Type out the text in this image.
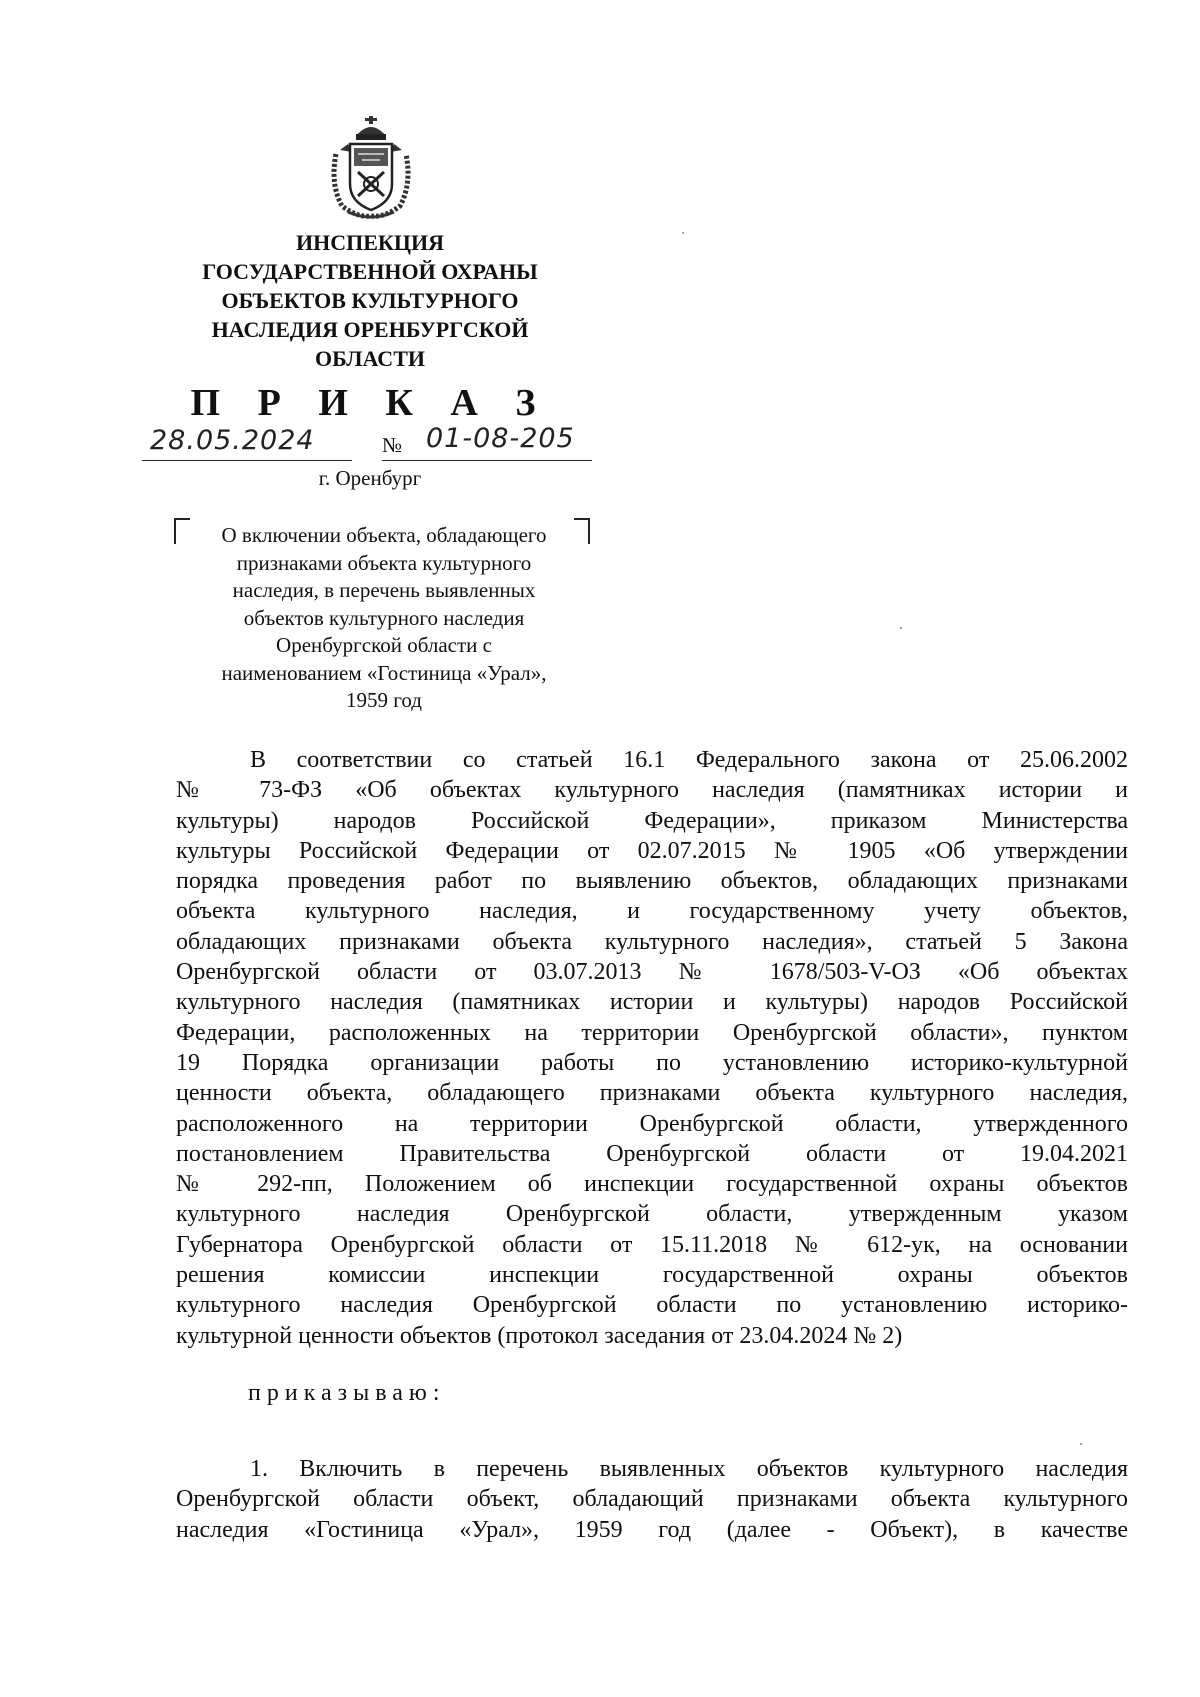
ИНСПЕКЦИЯ
ГОСУДАРСТВЕННОЙ ОХРАНЫ
ОБЪЕКТОВ КУЛЬТУРНОГО
НАСЛЕДИЯ ОРЕНБУРГСКОЙ
ОБЛАСТИ
П Р И К А З
28.05.2024	№ 01-08-205
г. Оренбург
О включении объекта, обладающего
признаками объекта культурного
наследия, в перечень выявленных
объектов культурного наследия
Оренбургской области с
наименованием «Гостиница «Урал»,
1959 год
В соответствии со статьей 16.1 Федерального закона от 25.06.2002
№ 73-ФЗ «Об объектах культурного наследия (памятниках истории и
культуры) народов Российской Федерации», приказом Министерства
культуры Российской Федерации от 02.07.2015 № 1905 «Об утверждении
порядка проведения работ по выявлению объектов, обладающих признаками
объекта культурного наследия, и государственному учету объектов,
обладающих признаками объекта культурного наследия», статьей 5 Закона
Оренбургской области от 03.07.2013 № 1678/503-V-ОЗ «Об объектах
культурного наследия (памятниках истории и культуры) народов Российской
Федерации, расположенных на территории Оренбургской области», пунктом
19 Порядка организации работы по установлению историко-культурной
ценности объекта, обладающего признаками объекта культурного наследия,
расположенного на территории Оренбургской области, утвержденного
постановлением Правительства Оренбургской области от 19.04.2021
№ 292-пп, Положением об инспекции государственной охраны объектов
культурного наследия Оренбургской области, утвержденным указом
Губернатора Оренбургской области от 15.11.2018 № 612-ук, на основании
решения комиссии инспекции государственной охраны объектов
культурного наследия Оренбургской области по установлению историко-
культурной ценности объектов (протокол заседания от 23.04.2024 № 2)
приказываю:
1. Включить в перечень выявленных объектов культурного наследия
Оренбургской области объект, обладающий признаками объекта культурного
наследия «Гостиница «Урал», 1959 год (далее - Объект), в качестве
